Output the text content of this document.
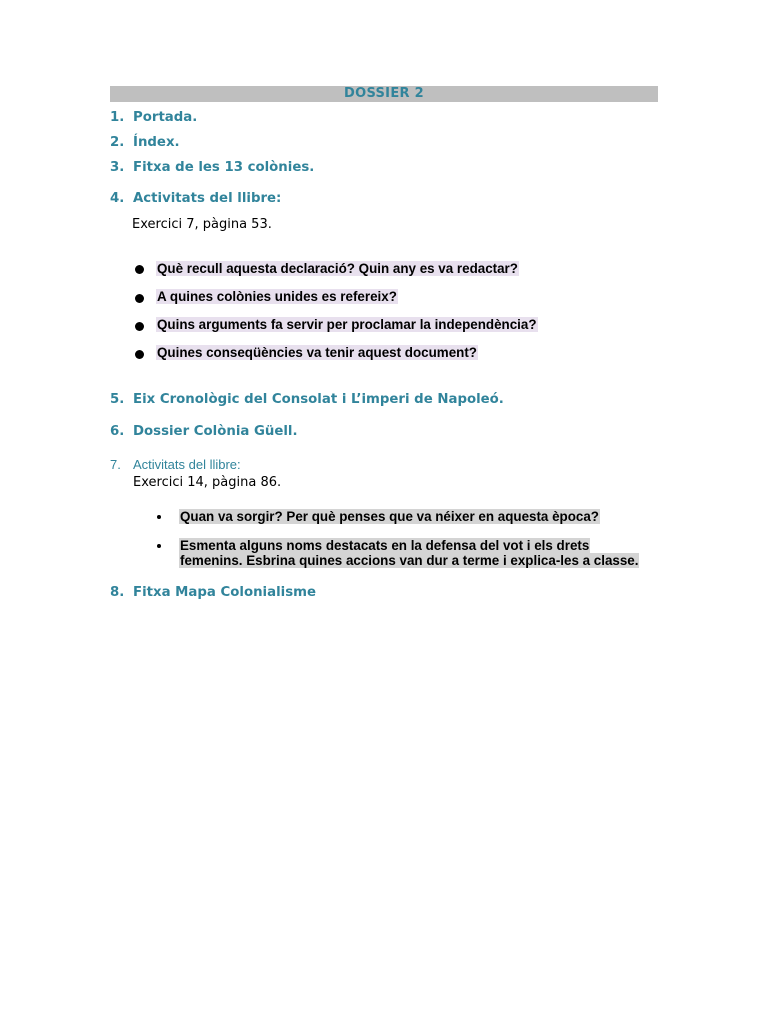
DOSSIER 2
1. Portada.
2. Índex.
3. Fitxa de les 13 colònies.
4. Activitats del llibre:
Exercici 7, pàgina 53.
Què recull aquesta declaració? Quin any es va redactar?
A quines colònies unides es refereix?
Quins arguments fa servir per proclamar la independència?
Quines conseqüències va tenir aquest document?
5. Eix Cronològic del Consolat i L’imperi de Napoleó.
6. Dossier Colònia Güell.
7. Activitats del llibre:
Exercici 14, pàgina 86.
Quan va sorgir? Per què penses que va néixer en aquesta època?
Esmenta alguns noms destacats en la defensa del vot i els drets
femenins. Esbrina quines accions van dur a terme i explica-les a classe.
8. Fitxa Mapa Colonialisme
